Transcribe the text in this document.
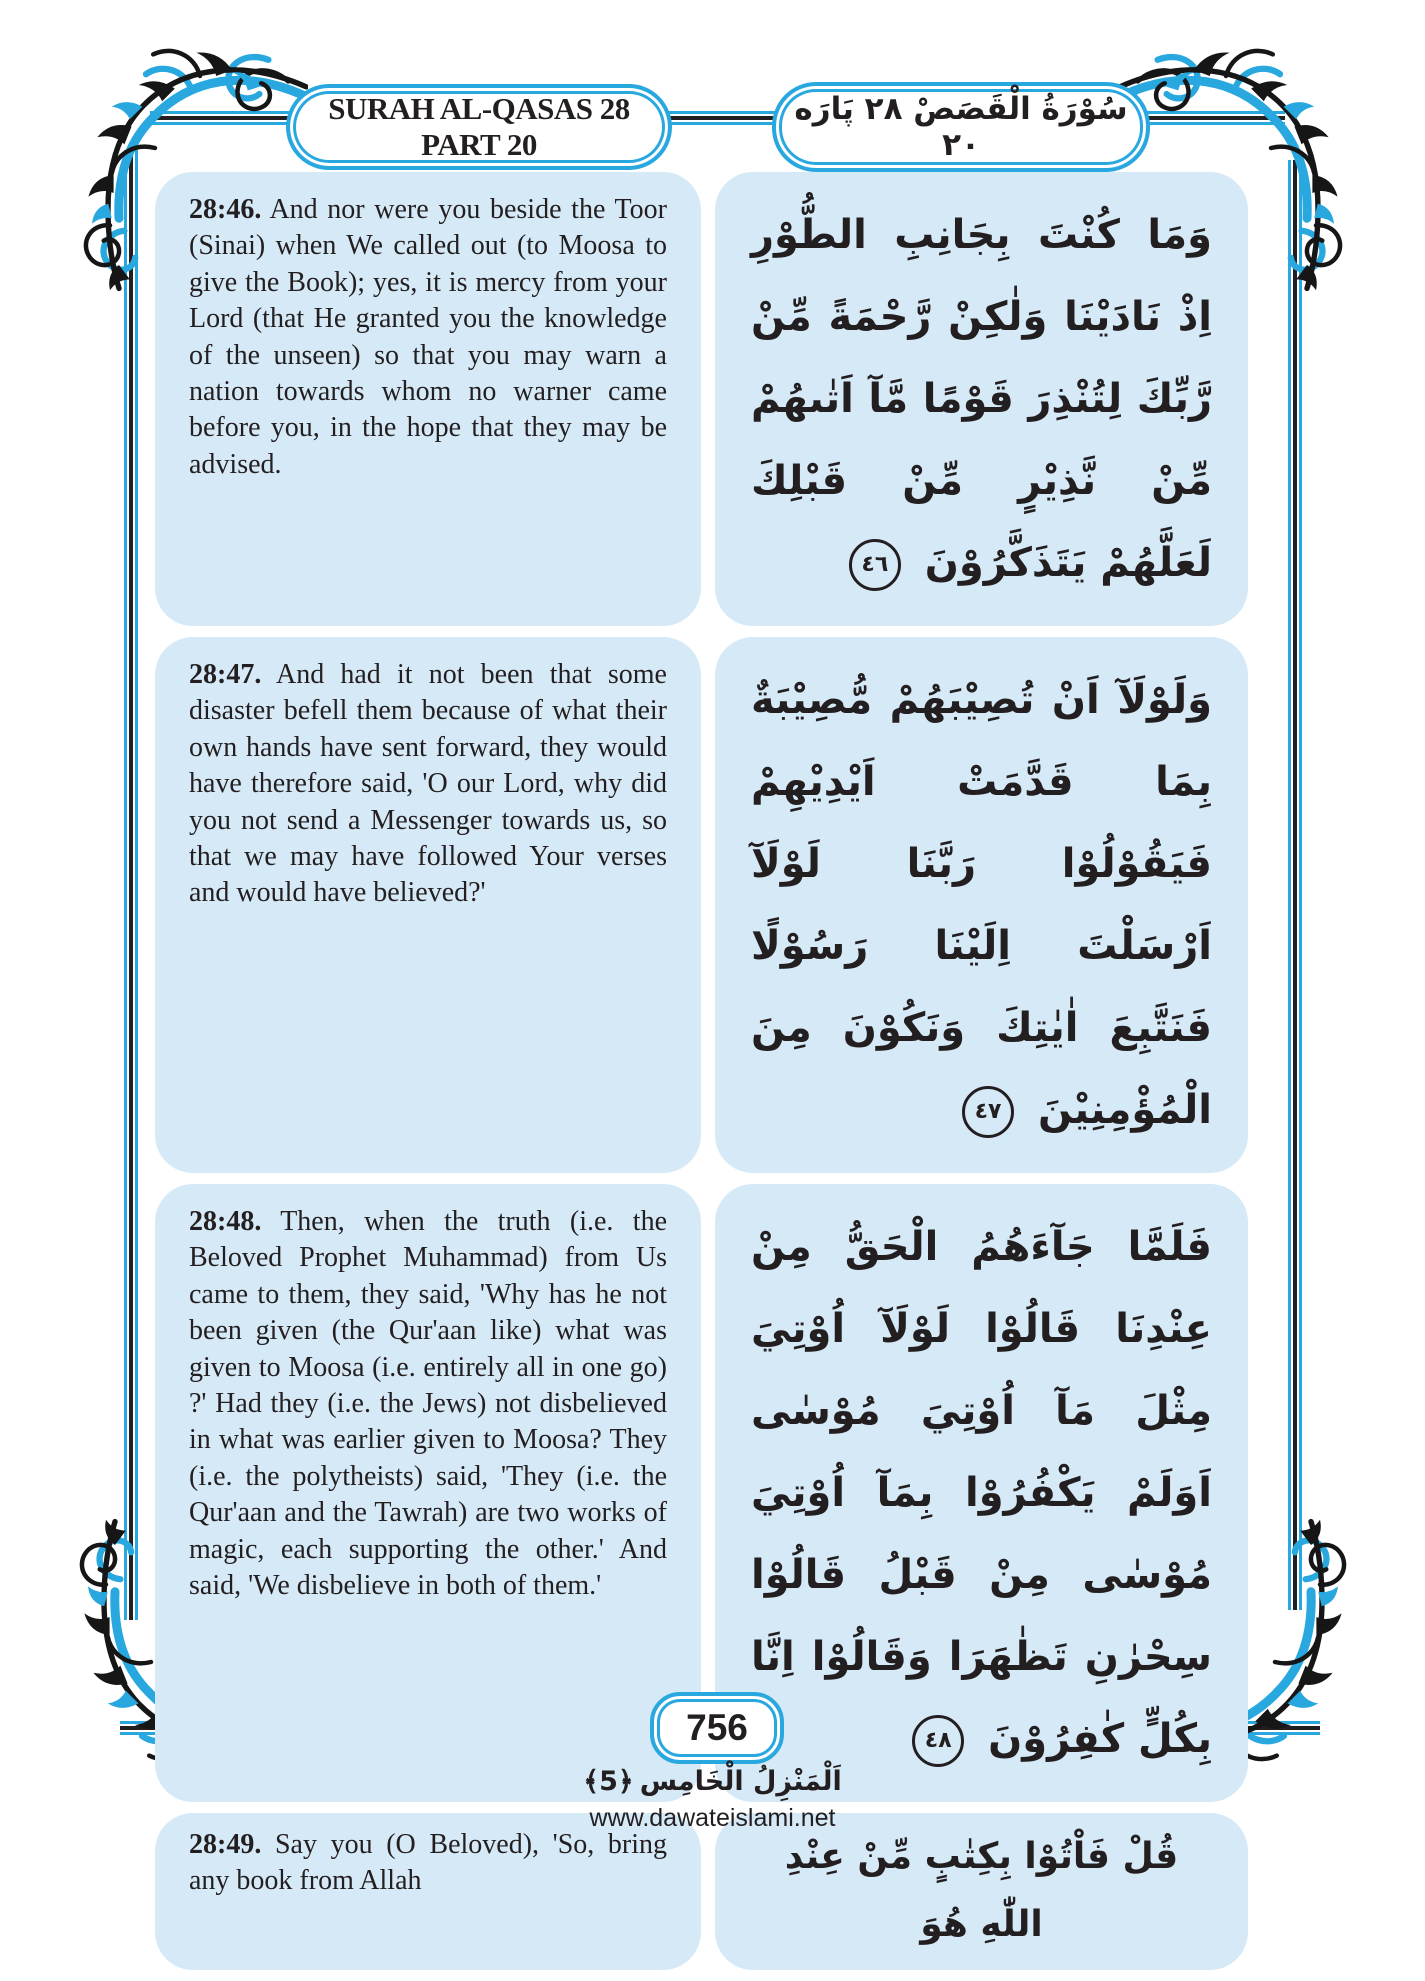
SURAH AL-QASAS 28 PART 20
سُوْرَةُ الْقَصَصْ ٢٨ پَارَه ٢٠

28:46. And nor were you beside the Toor (Sinai) when We called out (to Moosa to give the Book); yes, it is mercy from your Lord (that He granted you the knowledge of the unseen) so that you may warn a nation towards whom no warner came before you, in the hope that they may be advised.

وَمَا كُنْتَ بِجَانِبِ الطُّوْرِ اِذْ نَادَيْنَا وَلٰكِنْ رَّحْمَةً مِّنْ رَّبِّكَ لِتُنْذِرَ قَوْمًا مَّآ اَتٰىهُمْ مِّنْ نَّذِيْرٍ مِّنْ قَبْلِكَ لَعَلَّهُمْ يَتَذَكَّرُوْنَ ٤٦

28:47. And had it not been that some disaster befell them because of what their own hands have sent forward, they would have therefore said, 'O our Lord, why did you not send a Messenger towards us, so that we may have followed Your verses and would have believed?'

وَلَوْلَآ اَنْ تُصِيْبَهُمْ مُّصِيْبَةٌ بِمَا قَدَّمَتْ اَيْدِيْهِمْ فَيَقُوْلُوْا رَبَّنَا لَوْلَآ اَرْسَلْتَ اِلَيْنَا رَسُوْلًا فَنَتَّبِعَ اٰيٰتِكَ وَنَكُوْنَ مِنَ الْمُؤْمِنِيْنَ ٤٧

28:48. Then, when the truth (i.e. the Beloved Prophet Muhammad) from Us came to them, they said, 'Why has he not been given (the Qur'aan like) what was given to Moosa (i.e. entirely all in one go) ?' Had they (i.e. the Jews) not disbelieved in what was earlier given to Moosa? They (i.e. the polytheists) said, 'They (i.e. the Qur'aan and the Tawrah) are two works of magic, each supporting the other.' And said, 'We disbelieve in both of them.'

فَلَمَّا جَآءَهُمُ الْحَقُّ مِنْ عِنْدِنَا قَالُوْا لَوْلَآ اُوْتِيَ مِثْلَ مَآ اُوْتِيَ مُوْسٰى اَوَلَمْ يَكْفُرُوْا بِمَآ اُوْتِيَ مُوْسٰى مِنْ قَبْلُ قَالُوْا سِحْرٰنِ تَظٰهَرَا وَقَالُوْا اِنَّا بِكُلٍّ كٰفِرُوْنَ ٤٨

28:49. Say you (O Beloved), 'So, bring any book from Allah

قُلْ فَاْتُوْا بِكِتٰبٍ مِّنْ عِنْدِ اللّٰهِ هُوَ

756
اَلْمَنْزِلُ الْخَامِس
﴿5﴾
www.dawateislami.net
